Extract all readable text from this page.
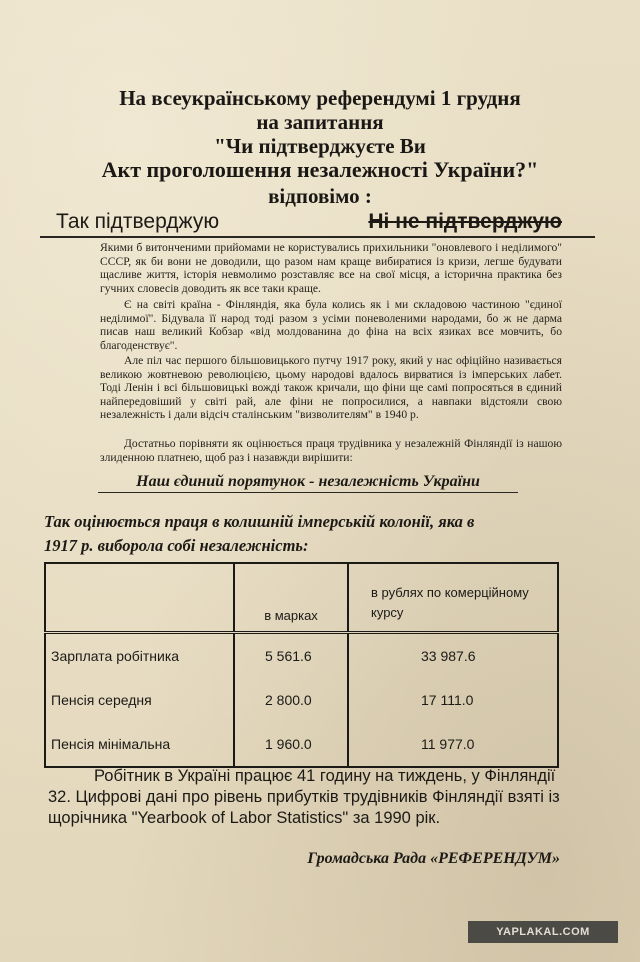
На всеукраїнському референдумі 1 грудня
на запитання
"Чи підтверджуєте Ви
Акт проголошення незалежності України?"
відповімо :
Так підтверджую	Ні не підтверджую
Якими б витонченими прийомами не користувались прихильники "оновлевого і неділимого" СССР, як би вони не доводили, що разом нам краще вибиратися із кризи, легше будувати щасливе життя, історія невмолимо розставляє все на свої місця, а історична практика без гучних словесів доводить як все таки краще.
Є на світі країна - Фінляндія, яка була колись як і ми складовою частиною "єдиної неділимої". Бідувала її народ тоді разом з усіми поневоленими народами, бо ж не дарма писав наш великий Кобзар «від молдованина до фіна на всіх язиках все мовчить, бо благоденствує".
Але піл час першого більшовицького путчу 1917 року, який у нас офіційно називається великою жовтневою революцією, цьому народові вдалось вирватися із імперських лабет. Тоді Ленін і всі більшовицькі вожді також кричали, що фіни ще самі попросяться в єдиний найпередовіший у світі рай, але фіни не попросилися, а навпаки відстояли свою незалежність і дали відсіч сталінським "визволителям" в 1940 р.
Достатньо порівняти як оцінюється праця трудівника у незалежній Фінляндії із нашою злиденною платнею, щоб раз і назавжди вирішити:
Наш єдиний порятунок - незалежність України
Так оцінюється праця в колишній імперській колонії, яка в
1917 р. виборола собі незалежність:
	в марках	в рублях по комерційному курсу
Зарплата робітника	5 561.6	33 987.6
Пенсія середня	2 800.0	17 111.0
Пенсія мінімальна	1 960.0	11 977.0
Робітник в Україні працює 41 годину на тиждень, у Фінляндії 32. Цифрові дані про рівень прибутків трудівників Фінляндії взяті із щорічника "Yearbook of Labor Statistics" за 1990 рік.
Громадська Рада «РЕФЕРЕНДУМ»
YAPLAKAL.COM
